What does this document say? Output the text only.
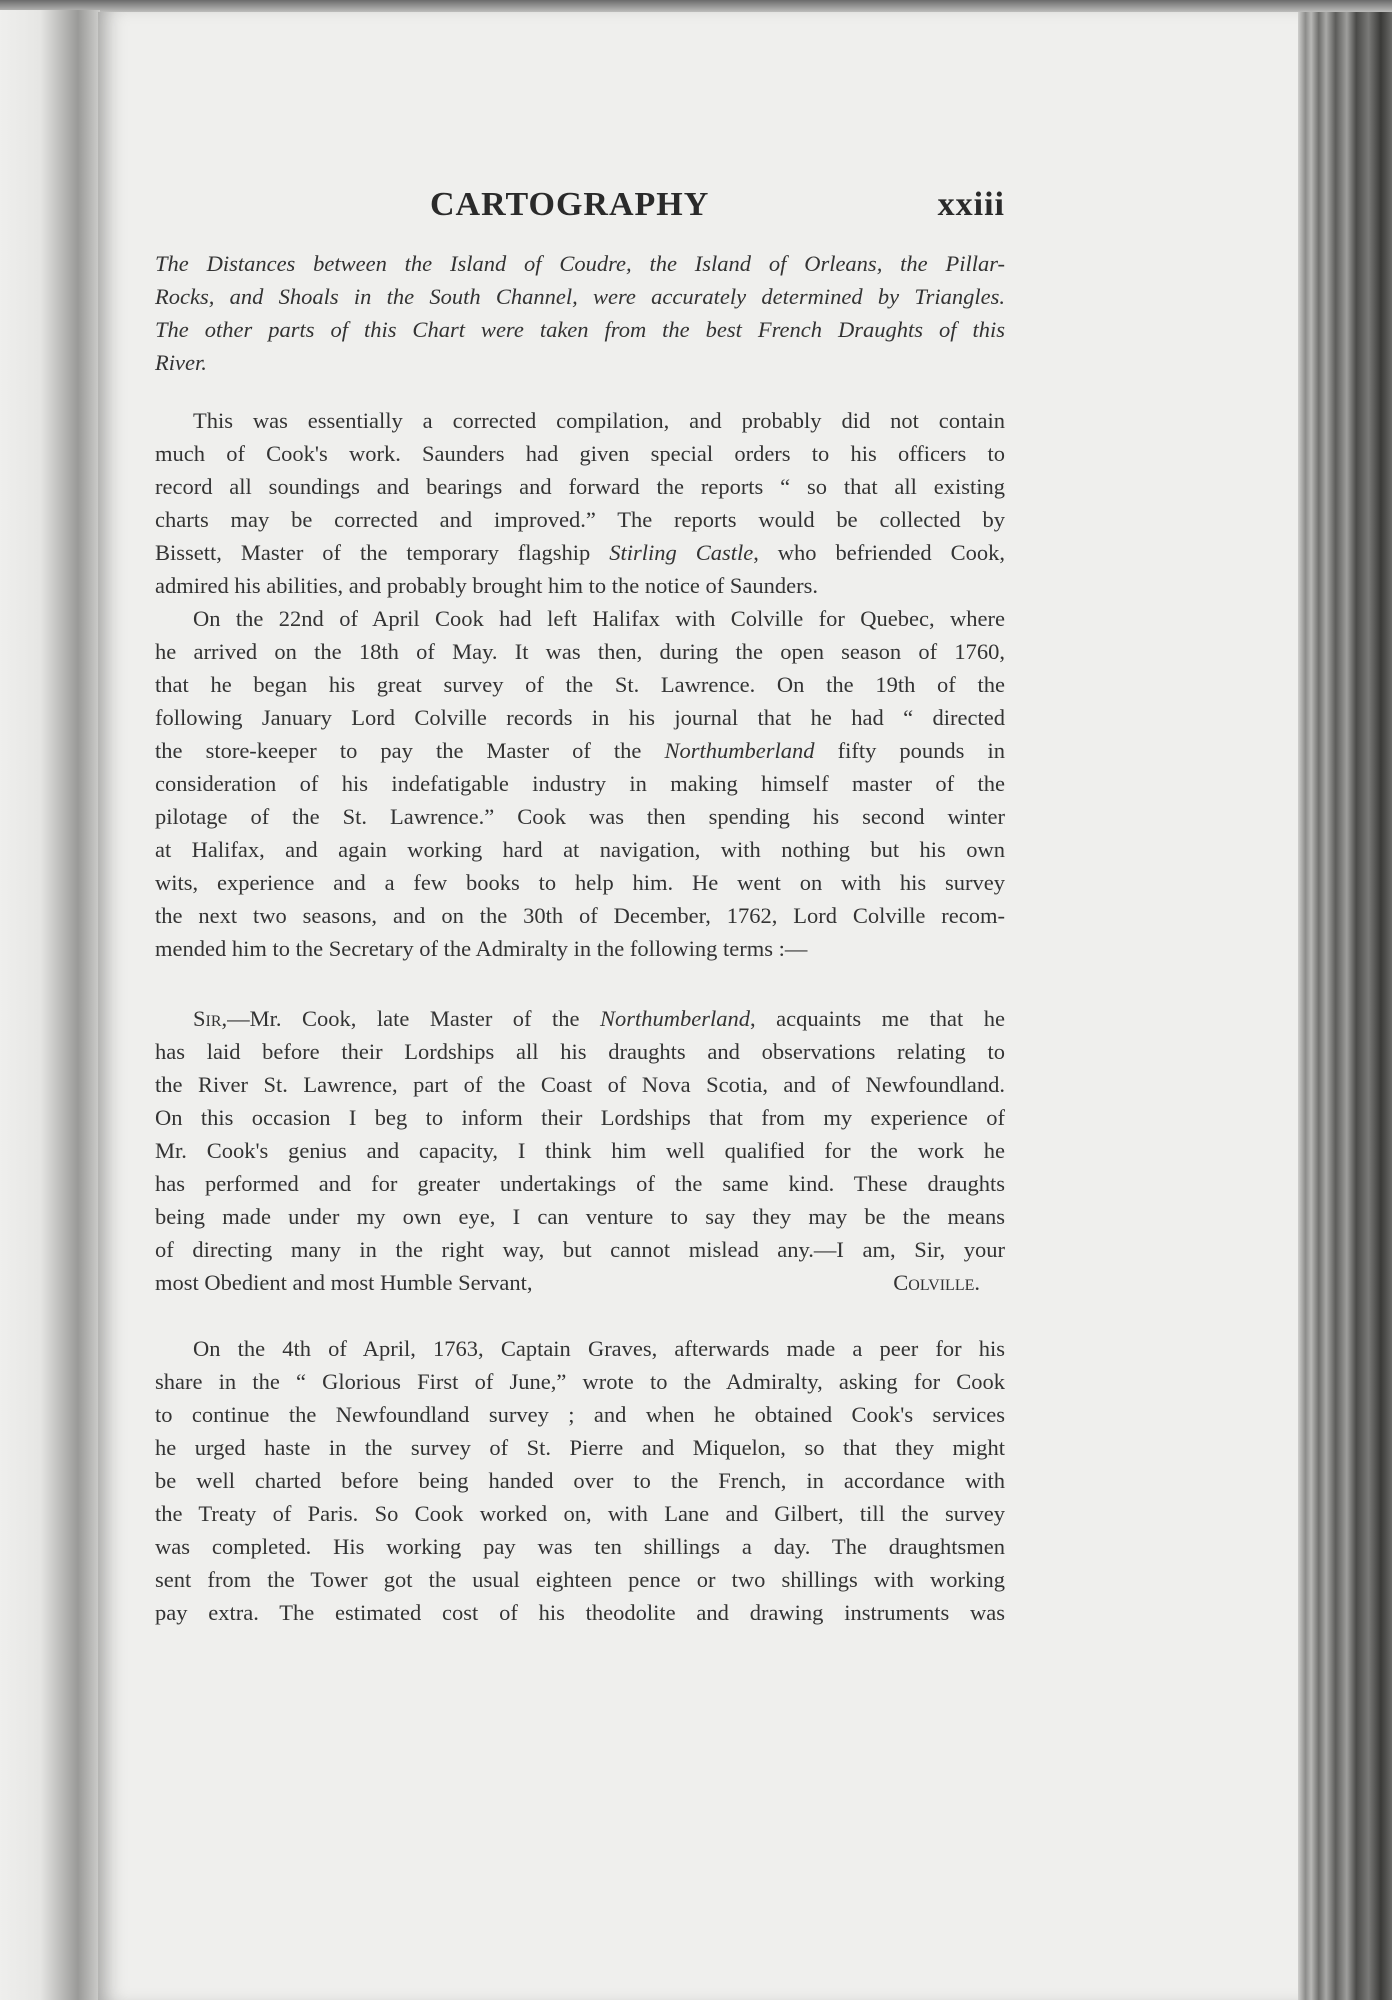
CARTOGRAPHY	xxiii
The Distances between the Island of Coudre, the Island of Orleans, the Pillar-
Rocks, and Shoals in the South Channel, were accurately determined by Triangles.
The other parts of this Chart were taken from the best French Draughts of this
River.
This was essentially a corrected compilation, and probably did not contain
much of Cook's work. Saunders had given special orders to his officers to
record all soundings and bearings and forward the reports “ so that all existing
charts may be corrected and improved.” The reports would be collected by
Bissett, Master of the temporary flagship Stirling Castle, who befriended Cook,
admired his abilities, and probably brought him to the notice of Saunders.
On the 22nd of April Cook had left Halifax with Colville for Quebec, where
he arrived on the 18th of May. It was then, during the open season of 1760,
that he began his great survey of the St. Lawrence. On the 19th of the
following January Lord Colville records in his journal that he had “ directed
the store-keeper to pay the Master of the Northumberland fifty pounds in
consideration of his indefatigable industry in making himself master of the
pilotage of the St. Lawrence.” Cook was then spending his second winter
at Halifax, and again working hard at navigation, with nothing but his own
wits, experience and a few books to help him. He went on with his survey
the next two seasons, and on the 30th of December, 1762, Lord Colville recom-
mended him to the Secretary of the Admiralty in the following terms :—
Sir,—Mr. Cook, late Master of the Northumberland, acquaints me that he
has laid before their Lordships all his draughts and observations relating to
the River St. Lawrence, part of the Coast of Nova Scotia, and of Newfoundland.
On this occasion I beg to inform their Lordships that from my experience of
Mr. Cook's genius and capacity, I think him well qualified for the work he
has performed and for greater undertakings of the same kind. These draughts
being made under my own eye, I can venture to say they may be the means
of directing many in the right way, but cannot mislead any.—I am, Sir, your
most Obedient and most Humble Servant,	Colville.
On the 4th of April, 1763, Captain Graves, afterwards made a peer for his
share in the “ Glorious First of June,” wrote to the Admiralty, asking for Cook
to continue the Newfoundland survey ; and when he obtained Cook's services
he urged haste in the survey of St. Pierre and Miquelon, so that they might
be well charted before being handed over to the French, in accordance with
the Treaty of Paris. So Cook worked on, with Lane and Gilbert, till the survey
was completed. His working pay was ten shillings a day. The draughtsmen
sent from the Tower got the usual eighteen pence or two shillings with working
pay extra. The estimated cost of his theodolite and drawing instruments was
